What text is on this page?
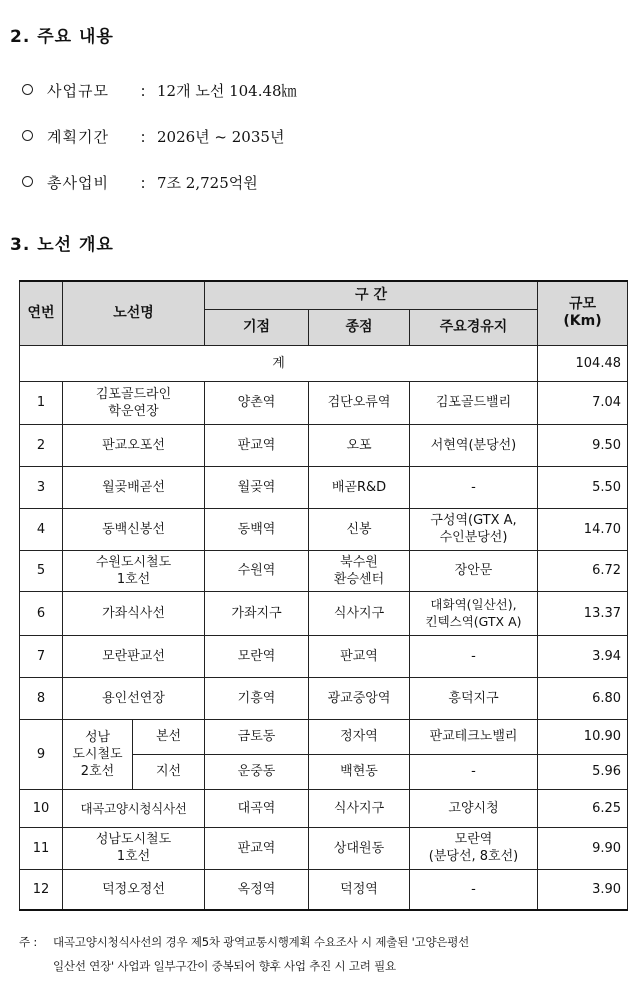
2. 주요 내용
사업규모 : 12개 노선 104.48㎞
계획기간 : 2026년 ~ 2035년
총사업비 : 7조 2,725억원
3. 노선 개요
연번	노선명		구 간			규모
(Km)
			기점	종점	주요경유지	
계						104.48
1	김포골드라인
학운연장		양촌역	검단오류역	김포골드밸리	7.04
2	판교오포선		판교역	오포	서현역(분당선)	9.50
3	월곶배곧선		월곶역	배곧R&D	-	5.50
4	동백신봉선		동백역	신봉	구성역(GTX A,
수인분당선)	14.70
5	수원도시철도
1호선		수원역	북수원
환승센터	장안문	6.72
6	가좌식사선		가좌지구	식사지구	대화역(일산선),
킨텍스역(GTX A)	13.37
7	모란판교선		모란역	판교역	-	3.94
8	용인선연장		기흥역	광교중앙역	흥덕지구	6.80
9	성남
도시철도
2호선	본선	금토동	정자역	판교테크노밸리	10.90
		지선	운중동	백현동	-	5.96
10	대곡고양시청식사선		대곡역	식사지구	고양시청	6.25
11	성남도시철도
1호선		판교역	상대원동	모란역
(분당선, 8호선)	9.90
12	덕정오정선		옥정역	덕정역	-	3.90
주 : 대곡고양시청식사선의 경우 제5차 광역교통시행계획 수요조사 시 제출된 '고양은평선
일산선 연장' 사업과 일부구간이 중복되어 향후 사업 추진 시 고려 필요
